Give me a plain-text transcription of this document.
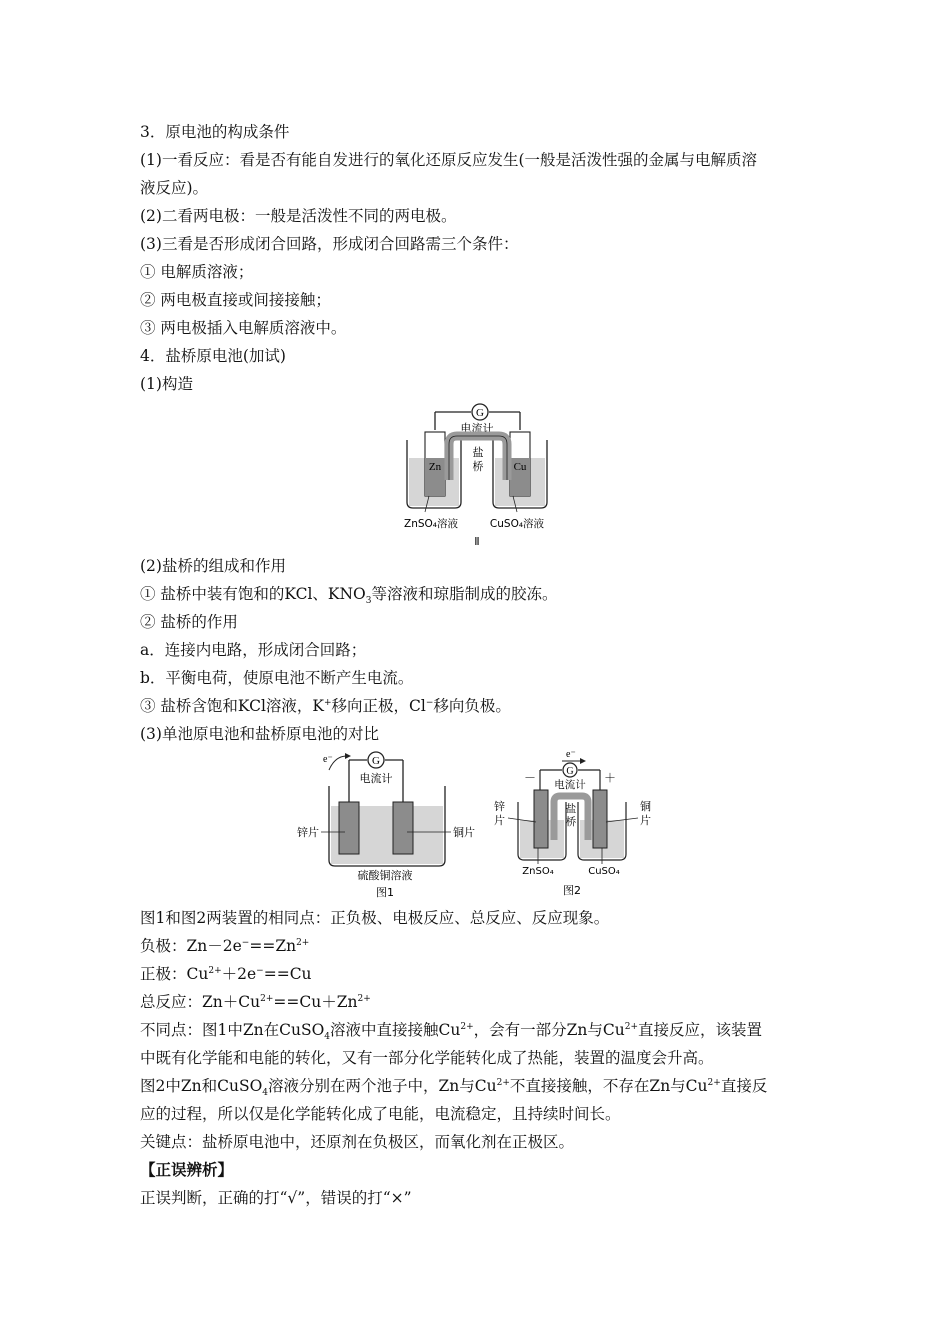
3．原电池的构成条件
(1)一看反应：看是否有能自发进行的氧化还原反应发生(一般是活泼性强的金属与电解质溶
液反应)。
(2)二看两电极：一般是活泼性不同的两电极。
(3)三看是否形成闭合回路，形成闭合回路需三个条件：
① 电解质溶液；
② 两电极直接或间接接触；
③ 两电极插入电解质溶液中。
4．盐桥原电池(加试)
(1)构造
G
电流计
Zn	Cu
盐
桥
ZnSO₄溶液	CuSO₄溶液
Ⅱ
(2)盐桥的组成和作用
① 盐桥中装有饱和的KCl、$KNO_3$等溶液和琼脂制成的胶冻。
② 盐桥的作用
a．连接内电路，形成闭合回路；
b．平衡电荷，使原电池不断产生电流。
③ 盐桥含饱和KCl溶液，K+移向正极，Cl−移向负极。
(3)单池原电池和盐桥原电池的对比
e⁻	G
电流计
锌片	铜片
硫酸铜溶液
图1
e⁻
G
电流计
－	＋
盐
桥
锌
片
铜
片
ZnSO₄	CuSO₄
图2
图1和图2两装置的相同点：正负极、电极反应、总反应、反应现象。
负极：$Zn-2e^-==Zn^{2+}$
正极：$Cu^{2+}+2e^-==Cu$
总反应：$Zn+Cu^{2+}==Cu+Zn^{2+}$
不同点：图1中Zn在CuSO$_4$溶液中直接接触$Cu^{2+}$，会有一部分Zn与$Cu^{2+}$直接反应，该装置
中既有化学能和电能的转化，又有一部分化学能转化成了热能，装置的温度会升高。
图2中Zn和CuSO$_4$溶液分别在两个池子中，Zn与$Cu^{2+}$不直接接触，不存在Zn与$Cu^{2+}$直接反
应的过程，所以仅是化学能转化成了电能，电流稳定，且持续时间长。
关键点：盐桥原电池中，还原剂在负极区，而氧化剂在正极区。
【正误辨析】
正误判断，正确的打“√”，错误的打“×”
